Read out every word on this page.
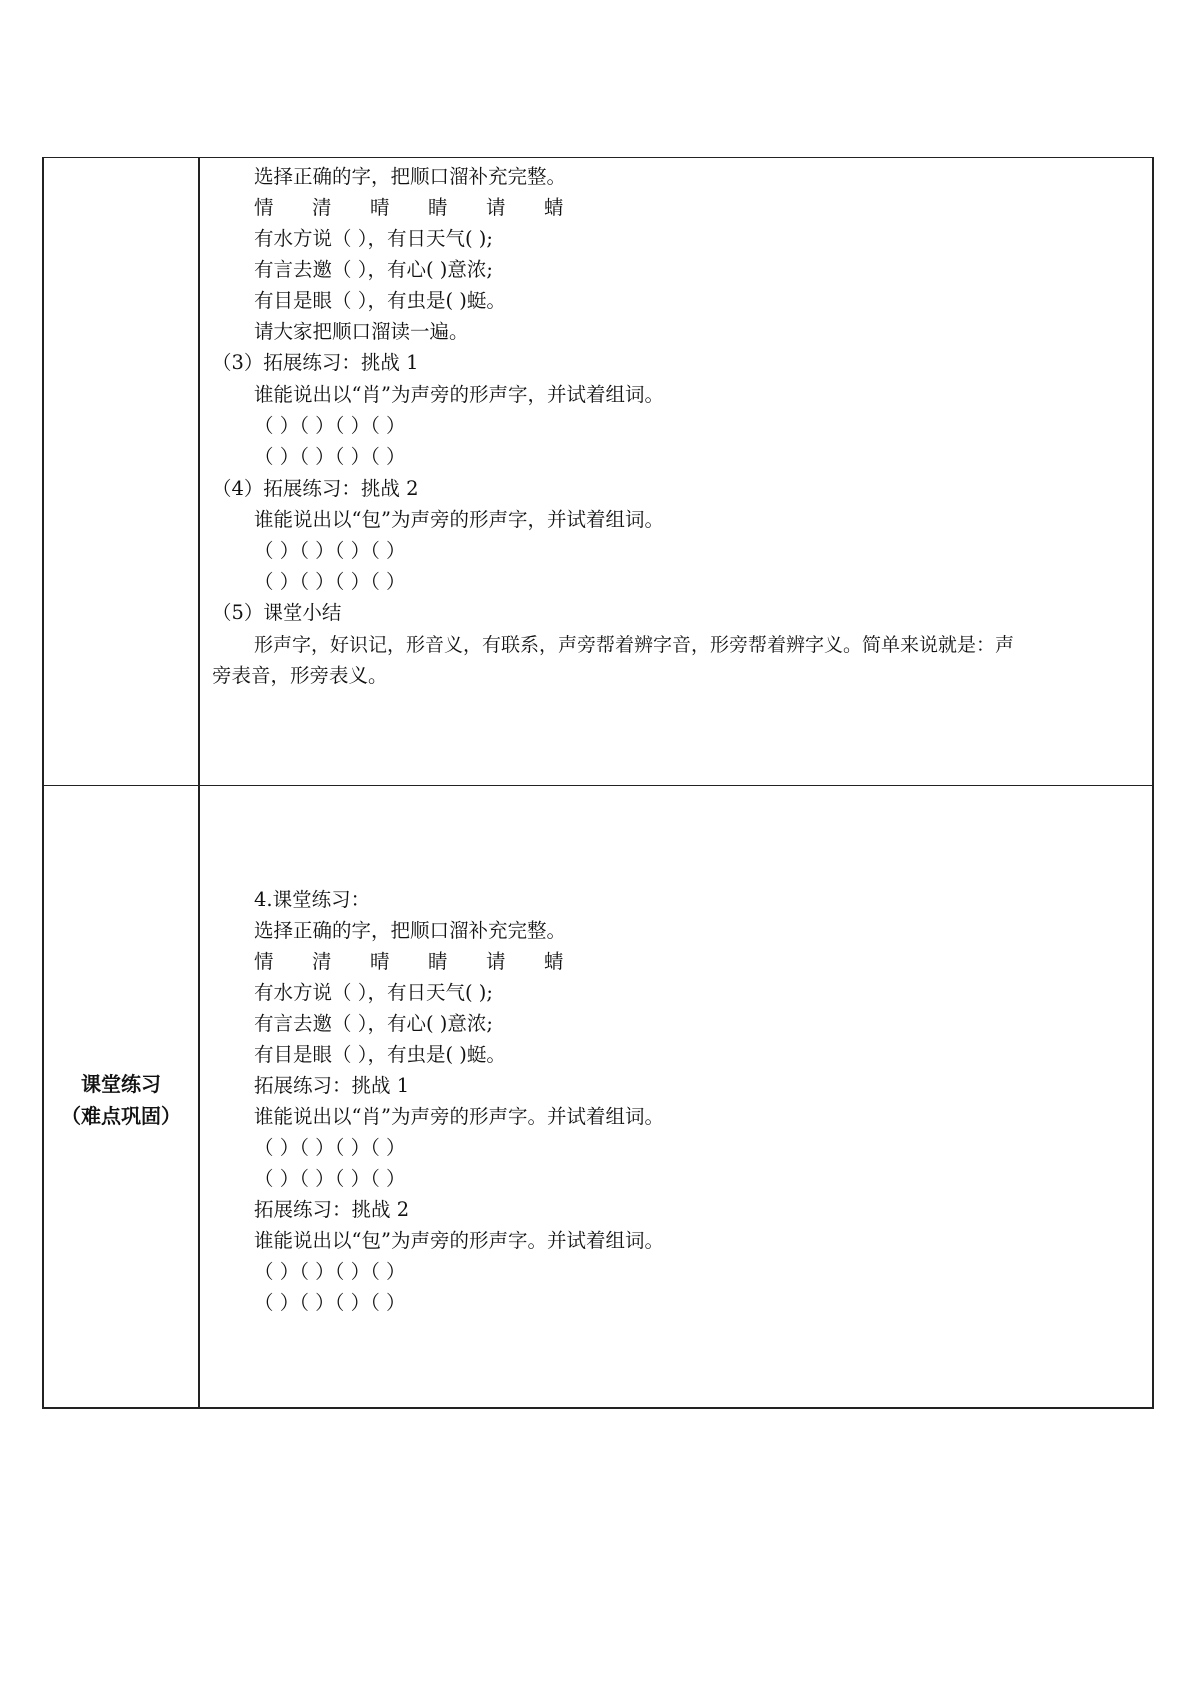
选择正确的字，把顺口溜补充完整。
情 清 晴 睛 请 蜻
有水方说（ ），有日天气( );
有言去邀（ ），有心( )意浓;
有目是眼（ ），有虫是( )蜓。
请大家把顺口溜读一遍。
（3）拓展练习：挑战 1
谁能说出以“肖”为声旁的形声字，并试着组词。
（ ）（ ）（ ）（ ）
（ ）（ ）（ ）（ ）
（4）拓展练习：挑战 2
谁能说出以“包”为声旁的形声字，并试着组词。
（ ）（ ）（ ）（ ）
（ ）（ ）（ ）（ ）
（5）课堂小结
形声字，好识记，形音义，有联系，声旁帮着辨字音，形旁帮着辨字义。简单来说就是：声
旁表音，形旁表义。
课堂练习
（难点巩固）
4.课堂练习：
选择正确的字，把顺口溜补充完整。
情 清 晴 睛 请 蜻
有水方说（ ），有日天气( );
有言去邀（ ），有心( )意浓;
有目是眼（ ），有虫是( )蜓。
拓展练习：挑战 1
谁能说出以“肖”为声旁的形声字。并试着组词。
（ ）（ ）（ ）（ ）
（ ）（ ）（ ）（ ）
拓展练习：挑战 2
谁能说出以“包”为声旁的形声字。并试着组词。
（ ）（ ）（ ）（ ）
（ ）（ ）（ ）（ ）
